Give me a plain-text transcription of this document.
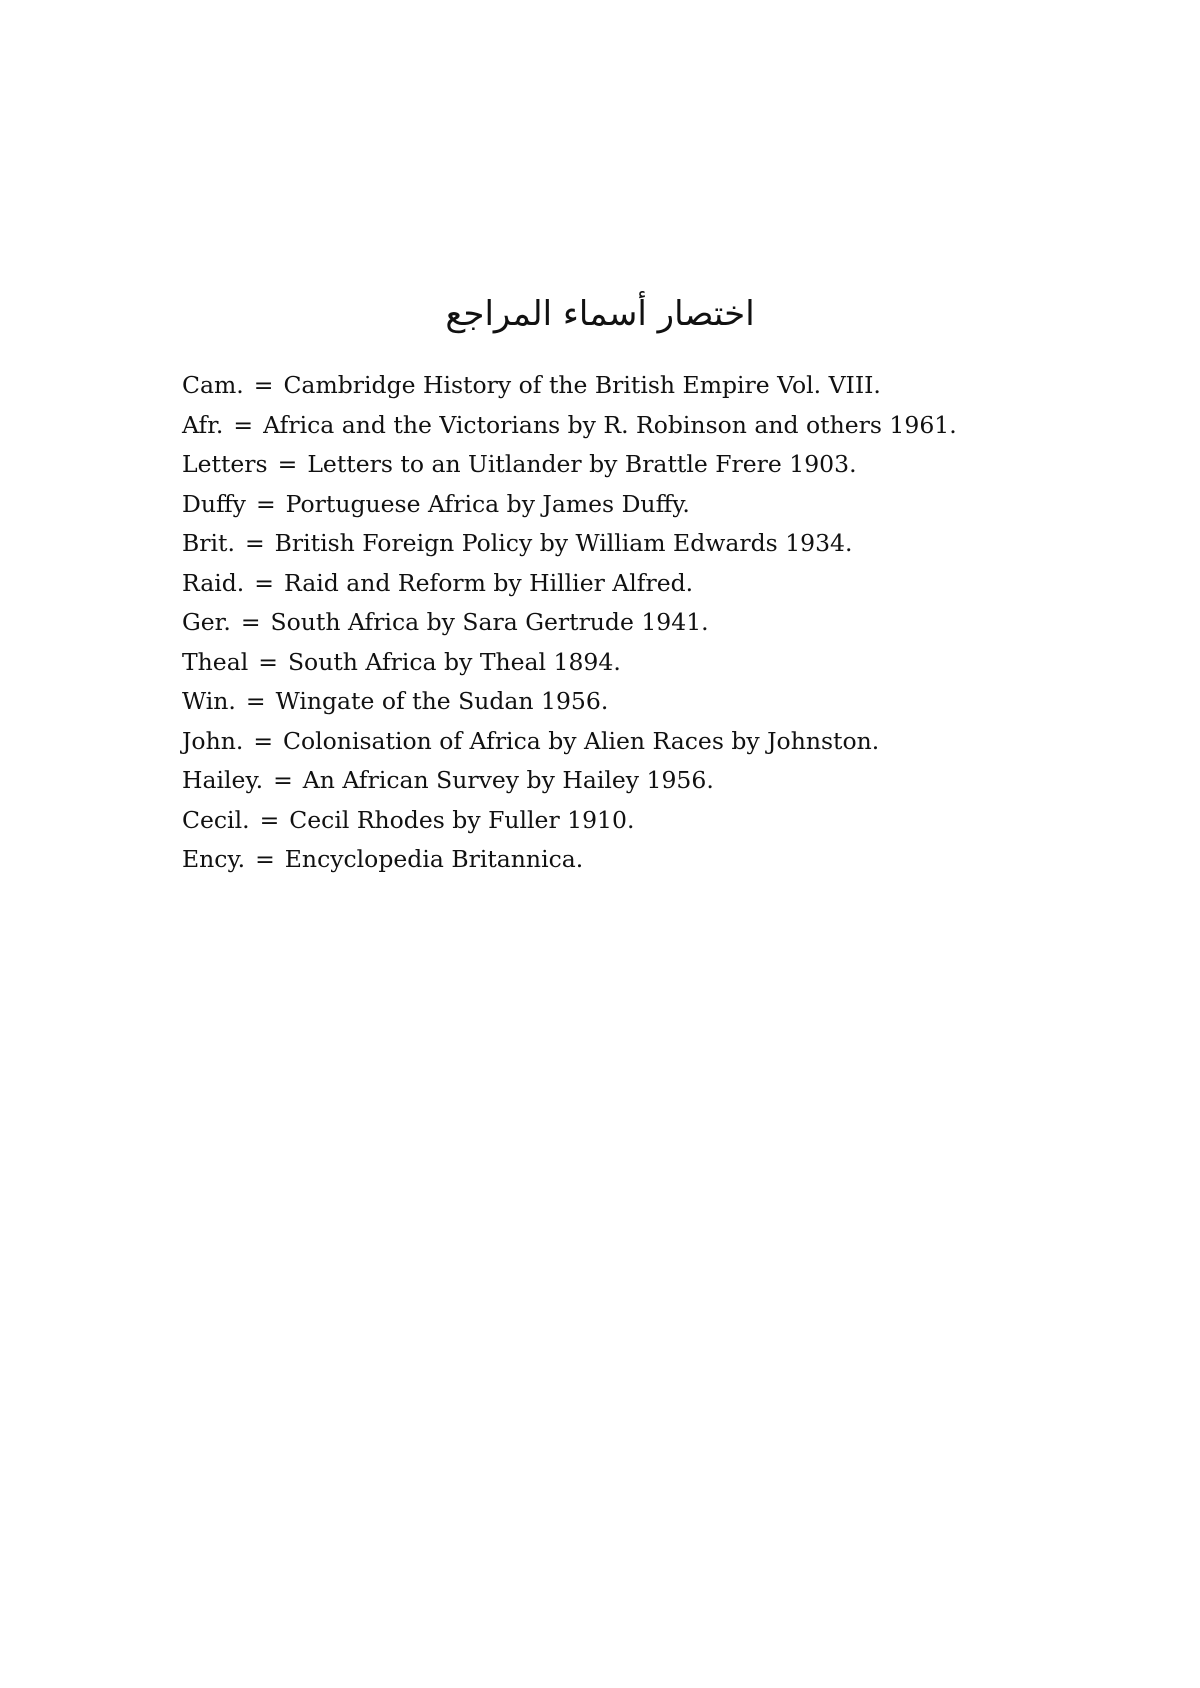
اختصار أسماء المراجع
Cam. = Cambridge History of the British Empire Vol. VIII.
Afr. = Africa and the Victorians by R. Robinson and others 1961.
Letters = Letters to an Uitlander by Brattle Frere 1903.
Duffy = Portuguese Africa by James Duffy.
Brit. = British Foreign Policy by William Edwards 1934.
Raid. = Raid and Reform by Hillier Alfred.
Ger. = South Africa by Sara Gertrude 1941.
Theal = South Africa by Theal 1894.
Win. = Wingate of the Sudan 1956.
John. = Colonisation of Africa by Alien Races by Johnston.
Hailey. = An African Survey by Hailey 1956.
Cecil. = Cecil Rhodes by Fuller 1910.
Ency. = Encyclopedia Britannica.
